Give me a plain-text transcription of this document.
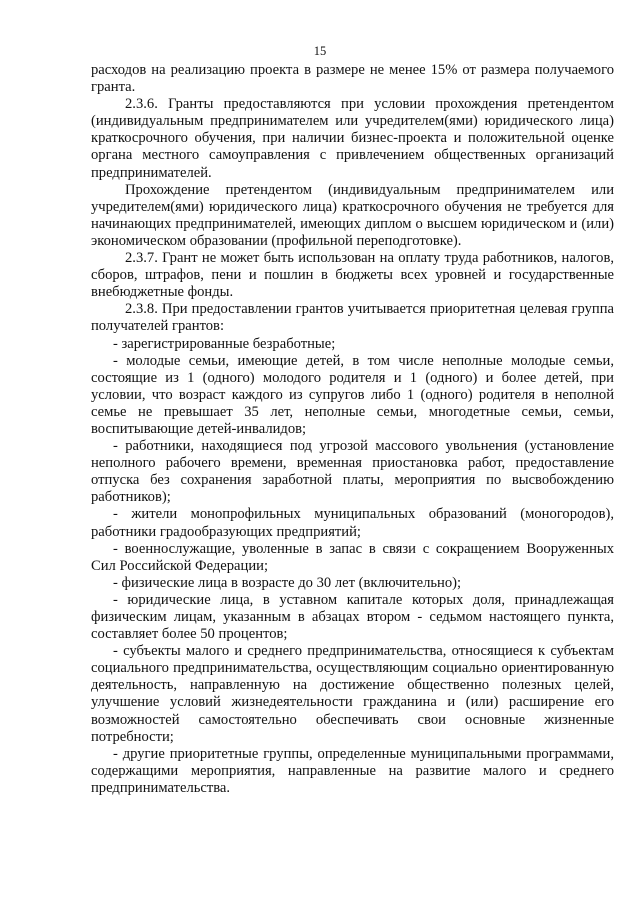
15

расходов на реализацию проекта в размере не менее 15% от размера получаемого гранта.

2.3.6. Гранты предоставляются при условии прохождения претендентом (индивидуальным предпринимателем или учредителем(ями) юридического лица) краткосрочного обучения, при наличии бизнес-проекта и положительной оценке органа местного самоуправления с привлечением общественных организаций предпринимателей.

Прохождение претендентом (индивидуальным предпринимателем или учредителем(ями) юридического лица) краткосрочного обучения не требуется для начинающих предпринимателей, имеющих диплом о высшем юридическом и (или) экономическом образовании (профильной переподготовке).

2.3.7. Грант не может быть использован на оплату труда работников, налогов, сборов, штрафов, пени и пошлин в бюджеты всех уровней и государственные внебюджетные фонды.

2.3.8. При предоставлении грантов учитывается приоритетная целевая группа получателей грантов:

- зарегистрированные безработные;

- молодые семьи, имеющие детей, в том числе неполные молодые семьи, состоящие из 1 (одного) молодого родителя и 1 (одного) и более детей, при условии, что возраст каждого из супругов либо 1 (одного) родителя в неполной семье не превышает 35 лет, неполные семьи, многодетные семьи, семьи, воспитывающие детей-инвалидов;

- работники, находящиеся под угрозой массового увольнения (установление неполного рабочего времени, временная приостановка работ, предоставление отпуска без сохранения заработной платы, мероприятия по высвобождению работников);

- жители монопрофильных муниципальных образований (моногородов), работники градообразующих предприятий;

- военнослужащие, уволенные в запас в связи с сокращением Вооруженных Сил Российской Федерации;

- физические лица в возрасте до 30 лет (включительно);

- юридические лица, в уставном капитале которых доля, принадлежащая физическим лицам, указанным в абзацах втором - седьмом настоящего пункта, составляет более 50 процентов;

- субъекты малого и среднего предпринимательства, относящиеся к субъектам социального предпринимательства, осуществляющим социально ориентированную деятельность, направленную на достижение общественно полезных целей, улучшение условий жизнедеятельности гражданина и (или) расширение его возможностей самостоятельно обеспечивать свои основные жизненные потребности;

- другие приоритетные группы, определенные муниципальными программами, содержащими мероприятия, направленные на развитие малого и среднего предпринимательства.
